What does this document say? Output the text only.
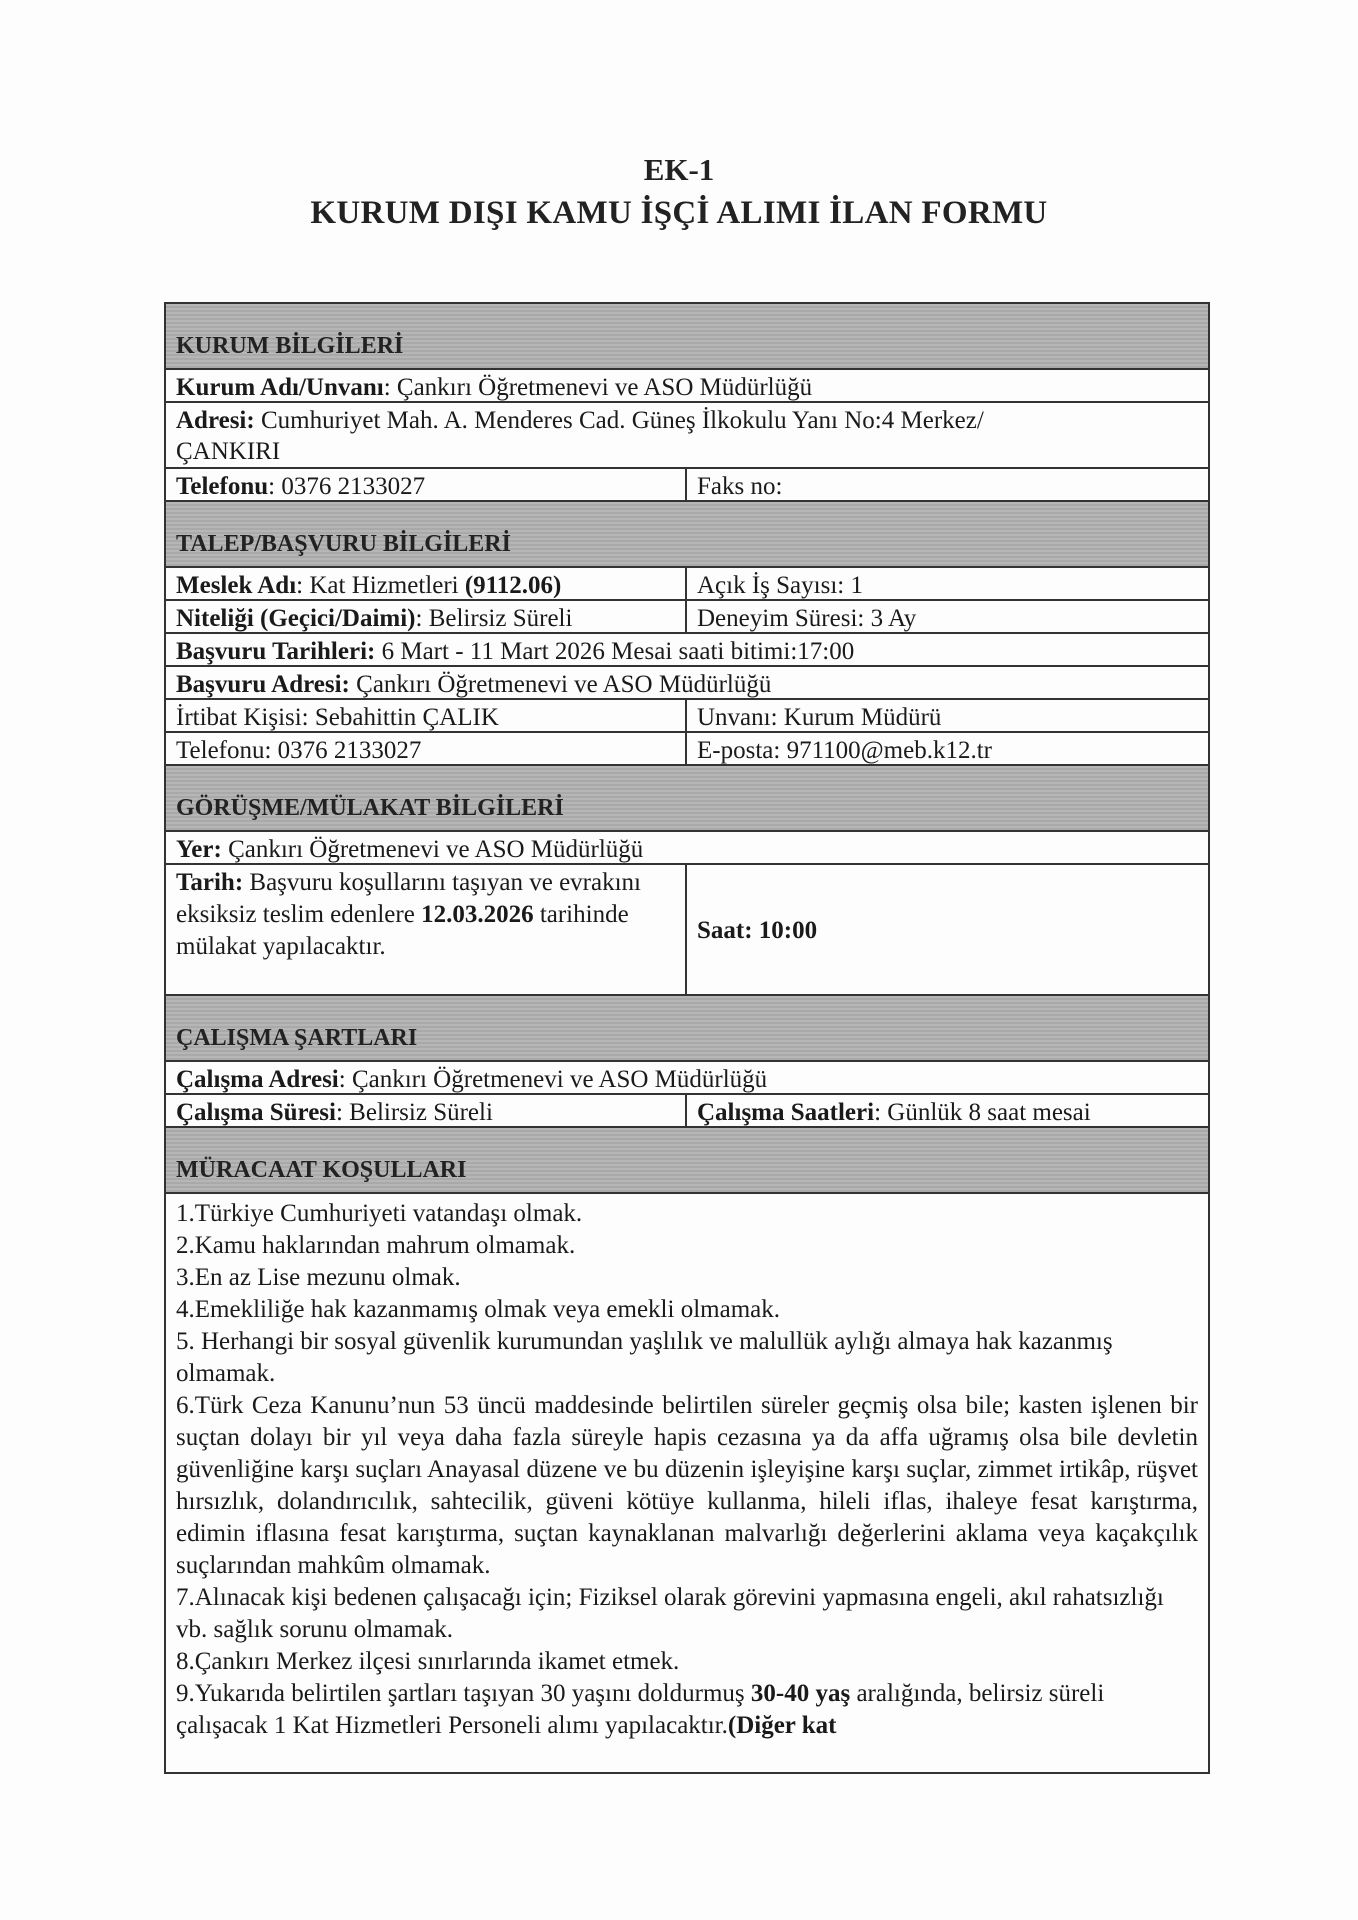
EK-1
KURUM DIŞI KAMU İŞÇİ ALIMI İLAN FORMU
KURUM BİLGİLERİ
Kurum Adı/Unvanı: Çankırı Öğretmenevi ve ASO Müdürlüğü
Adresi: Cumhuriyet Mah. A. Menderes Cad. Güneş İlkokulu Yanı No:4 Merkez/ÇANKIRI
Telefonu: 0376 2133027	Faks no:
TALEP/BAŞVURU BİLGİLERİ
Meslek Adı: Kat Hizmetleri (9112.06)	Açık İş Sayısı: 1
Niteliği (Geçici/Daimi): Belirsiz Süreli	Deneyim Süresi: 3 Ay
Başvuru Tarihleri: 6 Mart - 11 Mart 2026 Mesai saati bitimi:17:00
Başvuru Adresi: Çankırı Öğretmenevi ve ASO Müdürlüğü
İrtibat Kişisi: Sebahittin ÇALIK	Unvanı: Kurum Müdürü
Telefonu: 0376 2133027	E-posta: 971100@meb.k12.tr
GÖRÜŞME/MÜLAKAT BİLGİLERİ
Yer: Çankırı Öğretmenevi ve ASO Müdürlüğü
Tarih: Başvuru koşullarını taşıyan ve evrakını eksiksiz teslim edenlere 12.03.2026 tarihinde mülakat yapılacaktır.
Saat: 10:00
ÇALIŞMA ŞARTLARI
Çalışma Adresi: Çankırı Öğretmenevi ve ASO Müdürlüğü
Çalışma Süresi: Belirsiz Süreli	Çalışma Saatleri: Günlük 8 saat mesai
MÜRACAAT KOŞULLARI

1.Türkiye Cumhuriyeti vatandaşı olmak.

2.Kamu haklarından mahrum olmamak.

3.En az Lise mezunu olmak.

4.Emekliliğe hak kazanmamış olmak veya emekli olmamak.

5. Herhangi bir sosyal güvenlik kurumundan yaşlılık ve malullük aylığı almaya hak kazanmış olmamak.

6.Türk Ceza Kanunu’nun 53 üncü maddesinde belirtilen süreler geçmiş olsa bile; kasten işlenen bir suçtan dolayı bir yıl veya daha fazla süreyle hapis cezasına ya da affa uğramış olsa bile devletin güvenliğine karşı suçları Anayasal düzene ve bu düzenin işleyişine karşı suçlar, zimmet irtikâp, rüşvet hırsızlık, dolandırıcılık, sahtecilik, güveni kötüye kullanma, hileli iflas, ihaleye fesat karıştırma, edimin iflasına fesat karıştırma, suçtan kaynaklanan malvarlığı değerlerini aklama veya kaçakçılık suçlarından mahkûm olmamak.

7.Alınacak kişi bedenen çalışacağı için; Fiziksel olarak görevini yapmasına engeli, akıl rahatsızlığı vb. sağlık sorunu olmamak.

8.Çankırı Merkez ilçesi sınırlarında ikamet etmek.

9.Yukarıda belirtilen şartları taşıyan 30 yaşını doldurmuş 30-40 yaş aralığında, belirsiz süreli çalışacak 1 Kat Hizmetleri Personeli alımı yapılacaktır.(Diğer kat
